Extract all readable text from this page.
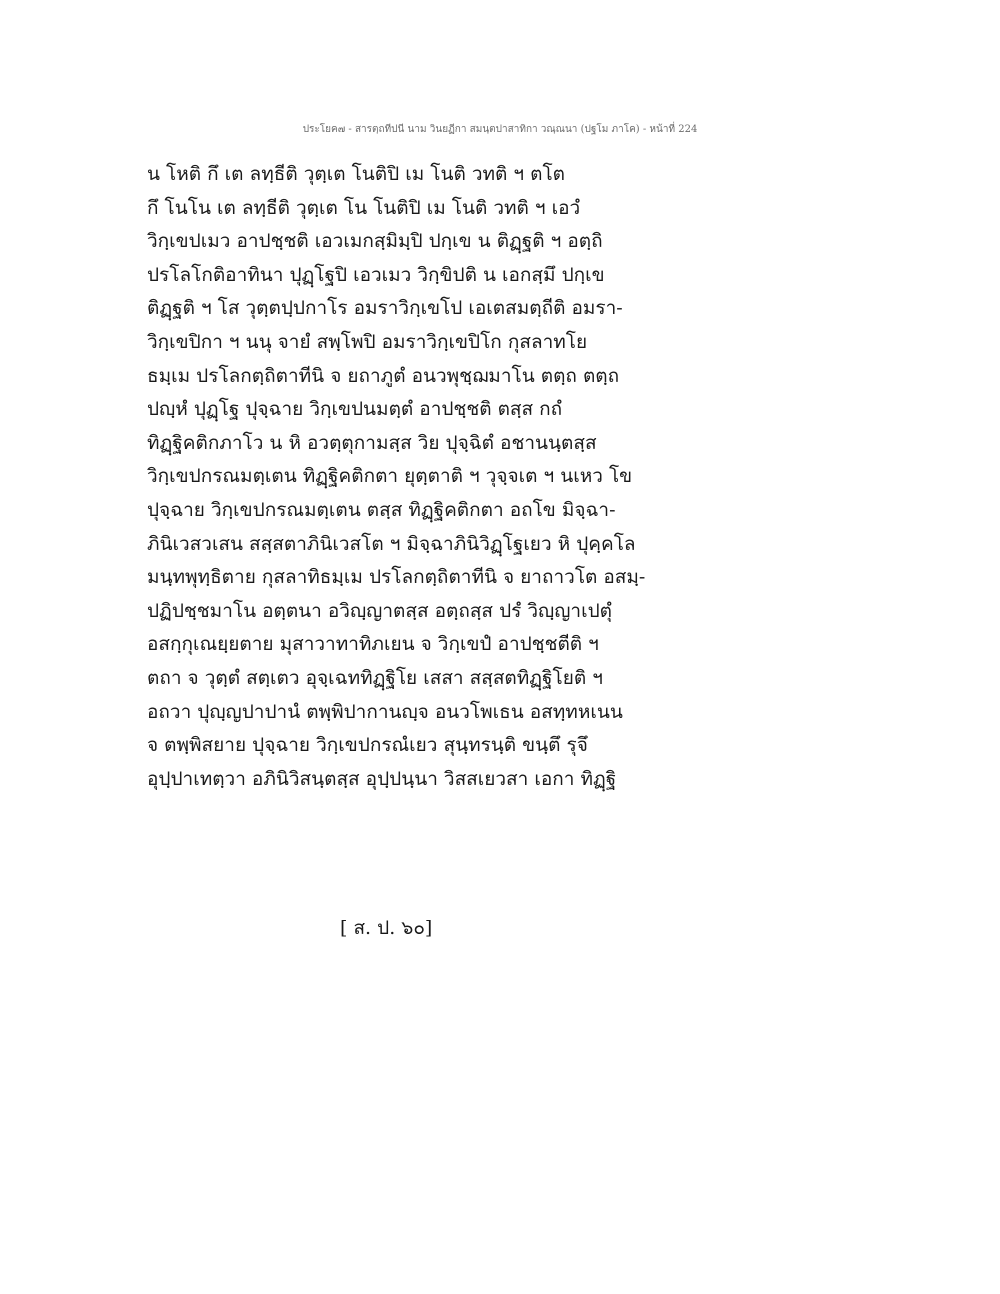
ประโยค๗ - สารตฺถทีปนี นาม วินยฏีกา สมนฺตปาสาทิกา วณฺณนา (ปฐโม ภาโค) - หน้าที่ 224
น โหติ กึ เต ลทฺธีติ วุตฺเต โนติปิ เม โนติ วทติ ฯ ตโต
กึ โนโน เต ลทฺธีติ วุตฺเต โน โนติปิ เม โนติ วทติ ฯ เอวํ
วิกฺเขปเมว อาปชฺชติ เอวเมกสฺมิมฺปิ ปกฺเข น ติฏฺฐติ ฯ อตฺถิ
ปรโลโกติอาทินา ปุฏฺโฐปิ เอวเมว วิกฺขิปติ น เอกสฺมึ ปกฺเข
ติฏฺฐติ ฯ โส วุตฺตปฺปกาโร อมราวิกฺเขโป เอเตสมตฺถีติ อมรา-
วิกฺเขปิกา ฯ นนุ จายํ สพฺโพปิ อมราวิกฺเขปิโก กุสลาทโย
ธมฺเม ปรโลกตฺถิตาทีนิ จ ยถาภูตํ อนวพุชฺฌมาโน ตตฺถ ตตฺถ
ปญฺหํ ปุฏฺโฐ ปุจฺฉาย วิกฺเขปนมตฺตํ อาปชฺชติ ตสฺส กถํ
ทิฏฺฐิคติกภาโว น หิ อวตฺตุกามสฺส วิย ปุจฺฉิตํ อชานนฺตสฺส
วิกฺเขปกรณมตฺเตน ทิฏฺฐิคติกตา ยุตฺตาติ ฯ วุจฺจเต ฯ นเหว โข
ปุจฺฉาย วิกฺเขปกรณมตฺเตน ตสฺส ทิฏฺฐิคติกตา อถโข มิจฺฉา-
ภินิเวสวเสน สสฺสตาภินิเวสโต ฯ มิจฺฉาภินิวิฏฺโฐเยว หิ ปุคฺคโล
มนฺทพุทฺธิตาย กุสลาทิธมฺเม ปรโลกตฺถิตาทีนิ จ ยาถาวโต อสมฺ-
ปฏิปชฺชมาโน อตฺตนา อวิญฺญาตสฺส อตฺถสฺส ปรํ วิญฺญาเปตุํ
อสกฺกุเณยฺยตาย มุสาวาทาทิภเยน จ วิกฺเขปํ อาปชฺชตีติ ฯ
ตถา จ วุตฺตํ สตฺเตว อุจฺเฉททิฏฺฐิโย เสสา สสฺสตทิฏฺฐิโยติ ฯ
อถวา ปุญฺญปาปานํ ตพฺพิปากานญฺจ อนวโพเธน อสทฺทหเนน
จ ตพฺพิสยาย ปุจฺฉาย วิกฺเขปกรณํเยว สุนฺทรนฺติ ขนฺตึ รุจึ
อุปฺปาเทตฺวา อภินิวิสนฺตสฺส อุปฺปนฺนา วิสสเยวสา เอกา ทิฏฺฐิ
[ ส. ป. ๖๐]
